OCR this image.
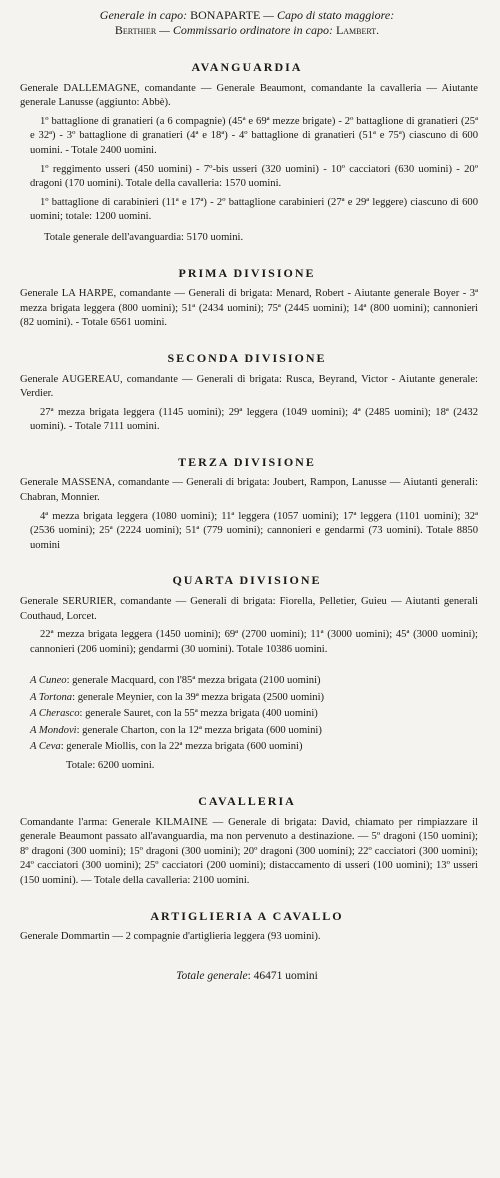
Generale in capo: BONAPARTE — Capo di stato maggiore:
Berthier — Commissario ordinatore in capo: Lambert.
AVANGUARDIA

Generale DALLEMAGNE, comandante — Generale Beaumont, comandante la cavalleria — Aiutante generale Lanusse (aggiunto: Abbè).

1º battaglione di granatieri (a 6 compagnie) (45ª e 69ª mezze brigate) - 2º battaglione di granatieri (25ª e 32ª) - 3º battaglione di granatieri (4ª e 18ª) - 4º battaglione di granatieri (51ª e 75ª) ciascuno di 600 uomini. - Totale 2400 uomini.

1º reggimento usseri (450 uomini) - 7º-bis usseri (320 uomini) - 10º cacciatori (630 uomini) - 20º dragoni (170 uomini). Totale della cavalleria: 1570 uomini.

1º battaglione di carabinieri (11ª e 17ª) - 2º battaglione carabinieri (27ª e 29ª leggere) ciascuno di 600 uomini; totale: 1200 uomini.

Totale generale dell'avanguardia: 5170 uomini.

PRIMA DIVISIONE

Generale LA HARPE, comandante — Generali di brigata: Menard, Robert - Aiutante generale Boyer - 3ª mezza brigata leggera (800 uomini); 51ª (2434 uomini); 75ª (2445 uomini); 14ª (800 uomini); cannonieri (82 uomini). - Totale 6561 uomini.

SECONDA DIVISIONE

Generale AUGEREAU, comandante — Generali di brigata: Rusca, Beyrand, Victor - Aiutante generale: Verdier.

27ª mezza brigata leggera (1145 uomini); 29ª leggera (1049 uomini); 4ª (2485 uomini); 18ª (2432 uomini). - Totale 7111 uomini.

TERZA DIVISIONE

Generale MASSENA, comandante — Generali di brigata: Joubert, Rampon, Lanusse — Aiutanti generali: Chabran, Monnier.

4ª mezza brigata leggera (1080 uomini); 11ª leggera (1057 uomini); 17ª leggera (1101 uomini); 32ª (2536 uomini); 25ª (2224 uomini); 51ª (779 uomini); cannonieri e gendarmi (73 uomini). Totale 8850 uomini

QUARTA DIVISIONE

Generale SERURIER, comandante — Generali di brigata: Fiorella, Pelletier, Guieu — Aiutanti generali Couthaud, Lorcet.

22ª mezza brigata leggera (1450 uomini); 69ª (2700 uomini); 11ª (3000 uomini); 45ª (3000 uomini); cannonieri (206 uomini); gendarmi (30 uomini). Totale 10386 uomini.

A Cuneo: generale Macquard, con l'85ª mezza brigata (2100 uomini)
A Tortona: generale Meynier, con la 39ª mezza brigata (2500 uomini)
A Cherasco: generale Sauret, con la 55ª mezza brigata (400 uomini)
A Mondovì: generale Charton, con la 12ª mezza brigata (600 uomini)
A Ceva: generale Miollis, con la 22ª mezza brigata (600 uomini)
Totale: 6200 uomini.
CAVALLERIA

Comandante l'arma: Generale KILMAINE — Generale di brigata: David, chiamato per rimpiazzare il generale Beaumont passato all'avanguardia, ma non pervenuto a destinazione. — 5º dragoni (150 uomini); 8º dragoni (300 uomini); 15º dragoni (300 uomini); 20º dragoni (300 uomini); 22º cacciatori (300 uomini); 24º cacciatori (300 uomini); 25º cacciatori (200 uomini); distaccamento di usseri (100 uomini); 13º usseri (150 uomini). — Totale della cavalleria: 2100 uomini.

ARTIGLIERIA A CAVALLO

Generale Dommartin — 2 compagnie d'artiglieria leggera (93 uomini).

Totale generale: 46471 uomini
